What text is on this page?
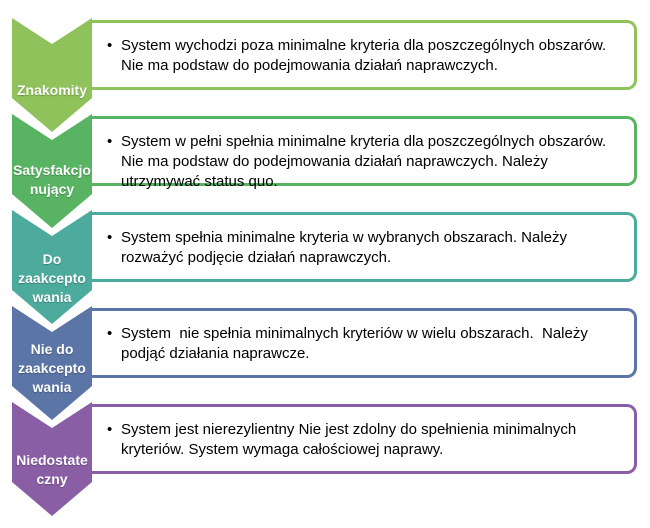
• System wychodzi poza minimalne kryteria dla poszczególnych obszarów.
Nie ma podstaw do podejmowania działań naprawczych.
Znakomity
• System w pełni spełnia minimalne kryteria dla poszczególnych obszarów.
Nie ma podstaw do podejmowania działań naprawczych. Należy
utrzymywać status quo.
Satysfakcjo
nujący
• System spełnia minimalne kryteria w wybranych obszarach. Należy
rozważyć podjęcie działań naprawczych.
Do
zaakcepto
wania
• System  nie spełnia minimalnych kryteriów w wielu obszarach.  Należy
podjąć działania naprawcze.
Nie do
zaakcepto
wania
• System jest nierezylientny Nie jest zdolny do spełnienia minimalnych
kryteriów. System wymaga całościowej naprawy.
Niedostate
czny
